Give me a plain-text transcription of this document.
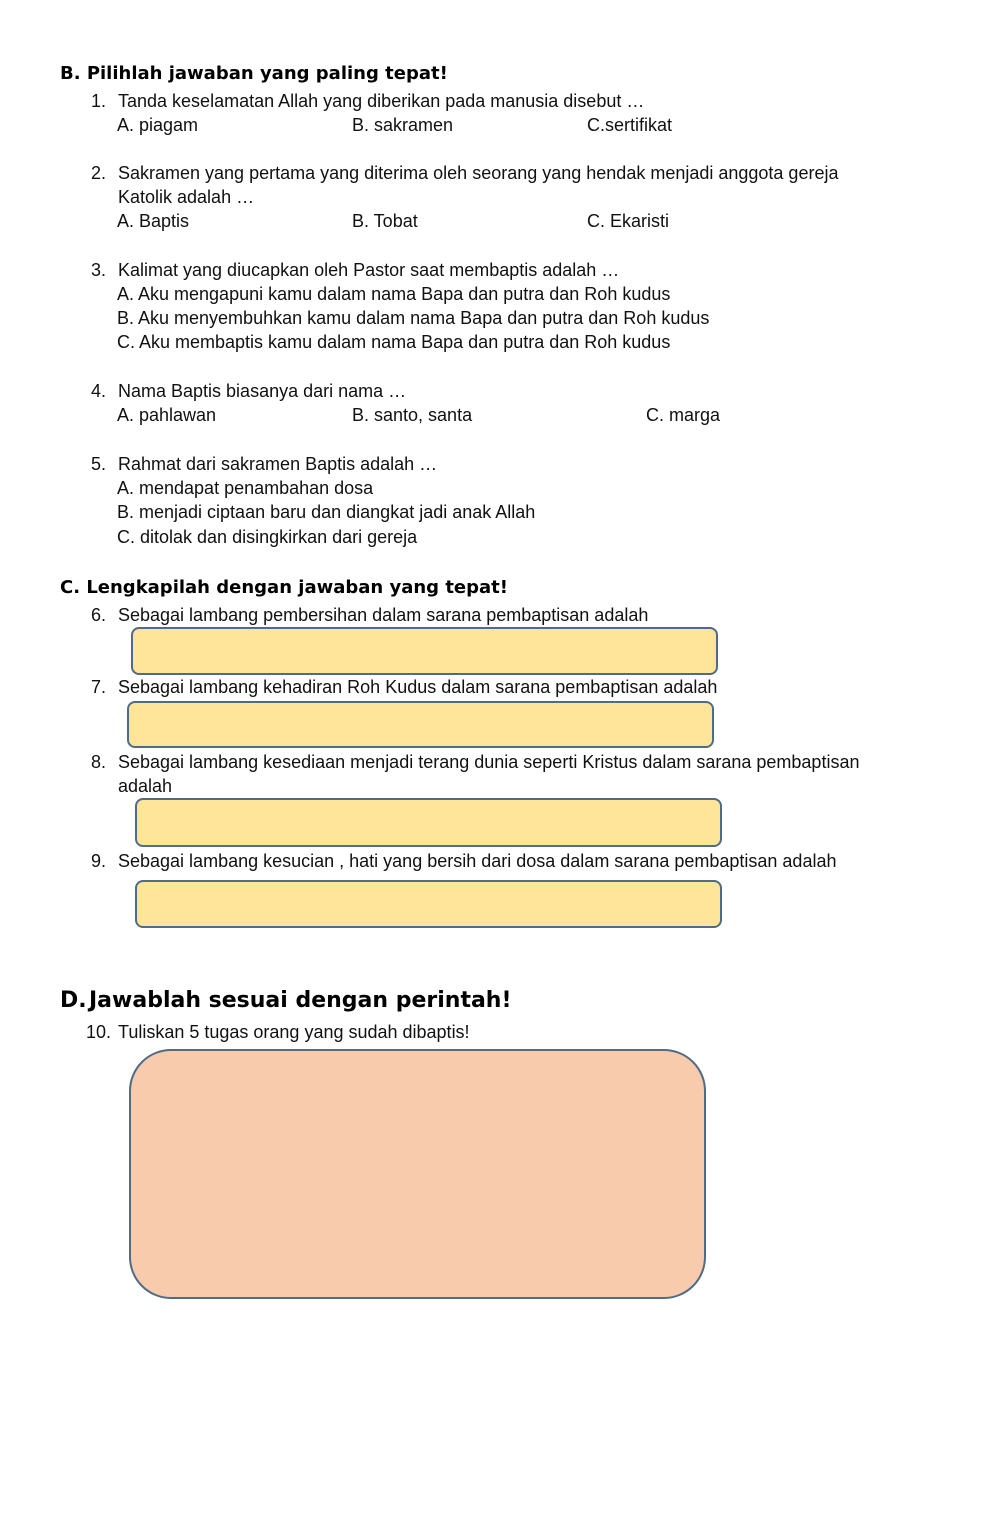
B. Pilihlah jawaban yang paling tepat!
1. Tanda keselamatan Allah yang diberikan pada manusia disebut …
A. piagam	B. sakramen	C.sertifikat
2. Sakramen yang pertama yang diterima oleh seorang yang hendak menjadi anggota gereja
Katolik adalah …
A. Baptis	B. Tobat	C. Ekaristi
3. Kalimat yang diucapkan oleh Pastor saat membaptis adalah …
A. Aku mengapuni kamu dalam nama Bapa dan putra dan Roh kudus
B. Aku menyembuhkan kamu dalam nama Bapa dan putra dan Roh kudus
C. Aku membaptis kamu dalam nama Bapa dan putra dan Roh kudus
4. Nama Baptis biasanya dari nama …
A. pahlawan	B. santo, santa	C. marga
5. Rahmat dari sakramen Baptis adalah …
A. mendapat penambahan dosa
B. menjadi ciptaan baru dan diangkat jadi anak Allah
C. ditolak dan disingkirkan dari gereja
C. Lengkapilah dengan jawaban yang tepat!
6. Sebagai lambang pembersihan dalam sarana pembaptisan adalah
7. Sebagai lambang kehadiran Roh Kudus dalam sarana pembaptisan adalah
8. Sebagai lambang kesediaan menjadi terang dunia seperti Kristus dalam sarana pembaptisan
adalah
9. Sebagai lambang kesucian , hati yang bersih dari dosa dalam sarana pembaptisan adalah
D. Jawablah sesuai dengan perintah!
10. Tuliskan 5 tugas orang yang sudah dibaptis!
